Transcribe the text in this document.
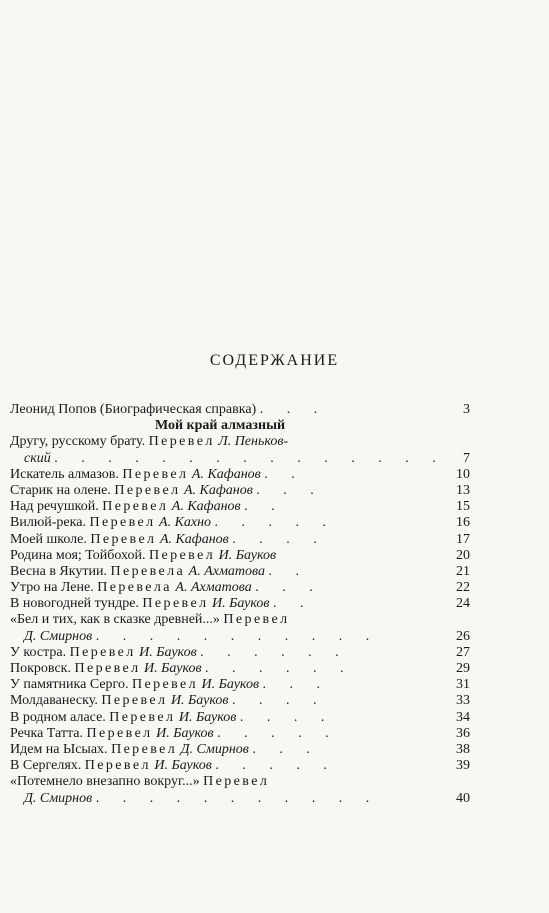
СОДЕРЖАНИЕ
Леонид Попов (Биографическая справка) . . .	3
Мой край алмазный
Другу, русскому брату. Перевел Л. Пеньков-
ский . . . . . . . . . . . . . . . 7
Искатель алмазов. Перевел А. Кафанов . .	10
Старик на олене. Перевел А. Кафанов . . .	13
Над речушкой. Перевел А. Кафанов . .	15
Вилюй-река. Перевел А. Кахно . . . . .	16
Моей школе. Перевел А. Кафанов . . . .	17
Родина моя; Тойбохой. Перевел И. Бауков	20
Весна в Якутии. Перевела А. Ахматова . .	21
Утро на Лене. Перевела А. Ахматова . . .	22
В новогодней тундре. Перевел И. Бауков . .	24
«Бел и тих, как в сказке древней...» Перевел
Д. Смирнов . . . . . . . . . . .	26
У костра. Перевел И. Бауков . . . . . .	27
Покровск. Перевел И. Бауков . . . . . .	29
У памятника Серго. Перевел И. Бауков . . .	31
Молдаванеску. Перевел И. Бауков . . . .	33
В родном аласе. Перевел И. Бауков . . . .	34
Речка Татта. Перевел И. Бауков . . . . .	36
Идем на Ысыах. Перевел Д. Смирнов . . .	38
В Сергелях. Перевел И. Бауков . . . . .	39
«Потемнело внезапно вокруг...» Перевел
Д. Смирнов . . . . . . . . . . .	40
